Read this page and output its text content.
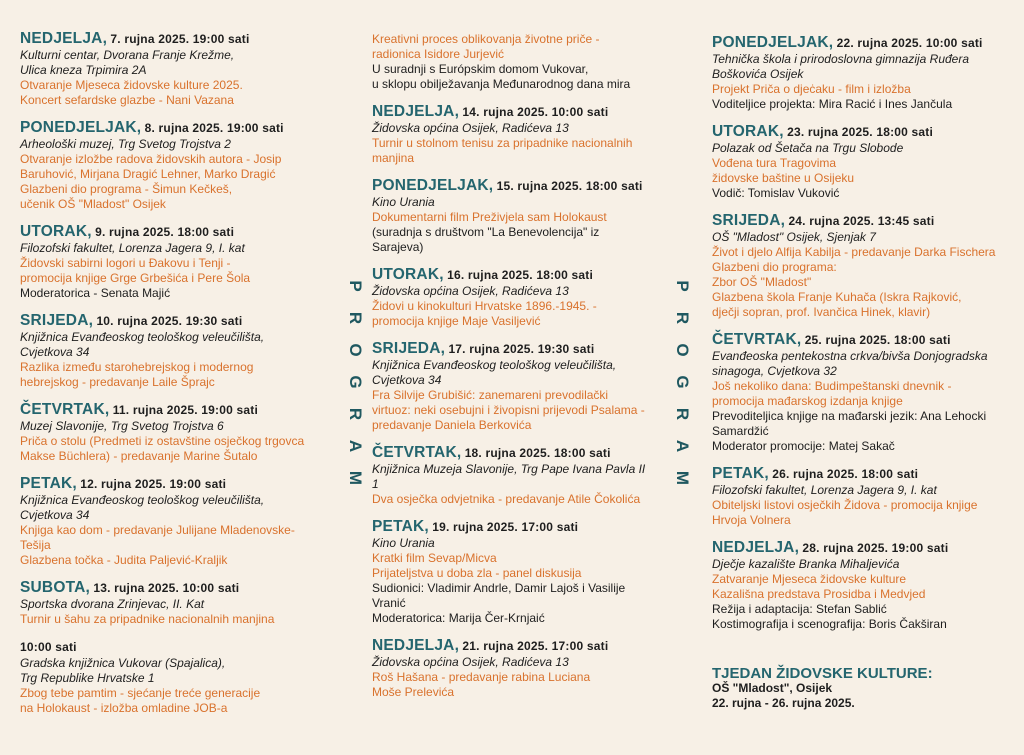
NEDJELJA, 7. rujna 2025. 19:00 sati
Kulturni centar, Dvorana Franje Krežme,
Ulica kneza Trpimira 2A
Otvaranje Mjeseca židovske kulture 2025.
Koncert sefardske glazbe - Nani Vazana
PONEDJELJAK, 8. rujna 2025. 19:00 sati
Arheološki muzej, Trg Svetog Trojstva 2
Otvaranje izložbe radova židovskih autora - Josip
Baruhović, Mirjana Dragić Lehner, Marko Dragić
Glazbeni dio programa - Šimun Kečkeš,
učenik OŠ "Mladost" Osijek
UTORAK, 9. rujna 2025. 18:00 sati
Filozofski fakultet, Lorenza Jagera 9, I. kat
Židovski sabirni logori u Đakovu i Tenji -
promocija knjige Grge Grbešića i Pere Šola
Moderatorica - Senata Majić
SRIJEDA, 10. rujna 2025. 19:30 sati
Knjižnica Evanđeoskog teološkog veleučilišta,
Cvjetkova 34
Razlika između starohebrejskog i modernog
hebrejskog - predavanje Laile Šprajc
ČETVRTAK, 11. rujna 2025. 19:00 sati
Muzej Slavonije, Trg Svetog Trojstva 6
Priča o stolu (Predmeti iz ostavštine osječkog trgovca
Makse Büchlera) - predavanje Marine Šutalo
PETAK, 12. rujna 2025. 19:00 sati
Knjižnica Evanđeoskog teološkog veleučilišta,
Cvjetkova 34
Knjiga kao dom - predavanje Julijane Mladenovske-
Tešija
Glazbena točka - Judita Paljević-Kraljik
SUBOTA, 13. rujna 2025. 10:00 sati
Sportska dvorana Zrinjevac, II. Kat
Turnir u šahu za pripadnike nacionalnih manjina
10:00 sati
Gradska knjižnica Vukovar (Spajalica),
Trg Republike Hrvatske 1
Zbog tebe pamtim - sjećanje treće generacije
na Holokaust - izložba omladine JOB-a
P
R
O
G
R
A
M
Kreativni proces oblikovanja životne priče -
radionica Isidore Jurjević
U suradnji s Európskim domom Vukovar,
u sklopu obilježavanja Međunarodnog dana mira
NEDJELJA, 14. rujna 2025. 10:00 sati
Židovska općina Osijek, Radićeva 13
Turnir u stolnom tenisu za pripadnike nacionalnih
manjina
PONEDJELJAK, 15. rujna 2025. 18:00 sati
Kino Urania
Dokumentarni film Preživjela sam Holokaust
(suradnja s društvom "La Benevolencija" iz
Sarajeva)
UTORAK, 16. rujna 2025. 18:00 sati
Židovska općina Osijek, Radićeva 13
Židovi u kinokulturi Hrvatske 1896.-1945. -
promocija knjige Maje Vasiljević
SRIJEDA, 17. rujna 2025. 19:30 sati
Knjižnica Evanđeoskog teološkog veleučilišta,
Cvjetkova 34
Fra Silvije Grubišić: zanemareni prevodilački
virtuoz: neki osebujni i živopisni prijevodi Psalama -
predavanje Daniela Berkovića
ČETVRTAK, 18. rujna 2025. 18:00 sati
Knjižnica Muzeja Slavonije, Trg Pape Ivana Pavla II 1
Dva osječka odvjetnika - predavanje Atile Čokolića
PETAK, 19. rujna 2025. 17:00 sati
Kino Urania
Kratki film Sevap/Micva
Prijateljstva u doba zla - panel diskusija
Sudionici: Vladimir Andrle, Damir Lajoš i Vasilije
Vranić
Moderatorica: Marija Čer-Krnjaić
NEDJELJA, 21. rujna 2025. 17:00 sati
Židovska općina Osijek, Radićeva 13
Roš Hašana - predavanje rabina Luciana
Moše Prelevića
P
R
O
G
R
A
M
PONEDJELJAK, 22. rujna 2025. 10:00 sati
Tehnička škola i prirodoslovna gimnazija Ruđera
Boškovića Osijek
Projekt Priča o djeċaku - film i izložba
Voditeljice projekta: Mira Racić i Ines Jančula
UTORAK, 23. rujna 2025. 18:00 sati
Polazak od Šetača na Trgu Slobode
Vođena tura Tragovima
židovske baštine u Osijeku
Vodič: Tomislav Vuković
SRIJEDA, 24. rujna 2025. 13:45 sati
OŠ "Mladost" Osijek, Sjenjak 7
Život i djelo Alfija Kabilja - predavanje Darka Fischera
Glazbeni dio programa:
Zbor OŠ "Mladost"
Glazbena škola Franje Kuhača (Iskra Rajković,
dječji sopran, prof. Ivančica Hinek, klavir)
ČETVRTAK, 25. rujna 2025. 18:00 sati
Evanđeoska pentekostna crkva/bivša Donjogradska
sinagoga, Cvjetkova 32
Još nekoliko dana: Budimpeštanski dnevnik -
promocija mađarskog izdanja knjige
Prevoditeljica knjige na mađarski jezik: Ana Lehocki
Samardžić
Moderator promocije: Matej Sakač
PETAK, 26. rujna 2025. 18:00 sati
Filozofski fakultet, Lorenza Jagera 9, I. kat
Obiteljski listovi osječkih Židova - promocija knjige
Hrvoja Volnera
NEDJELJA, 28. rujna 2025. 19:00 sati
Dječje kazalište Branka Mihaljevića
Zatvaranje Mjeseca židovske kulture
Kazališna predstava Prosidba i Medvjed
Režija i adaptacija: Stefan Sablić
Kostimografija i scenografija: Boris Čakširan
TJEDAN ŽIDOVSKE KULTURE:
OŠ "Mladost", Osijek
22. rujna - 26. rujna 2025.
